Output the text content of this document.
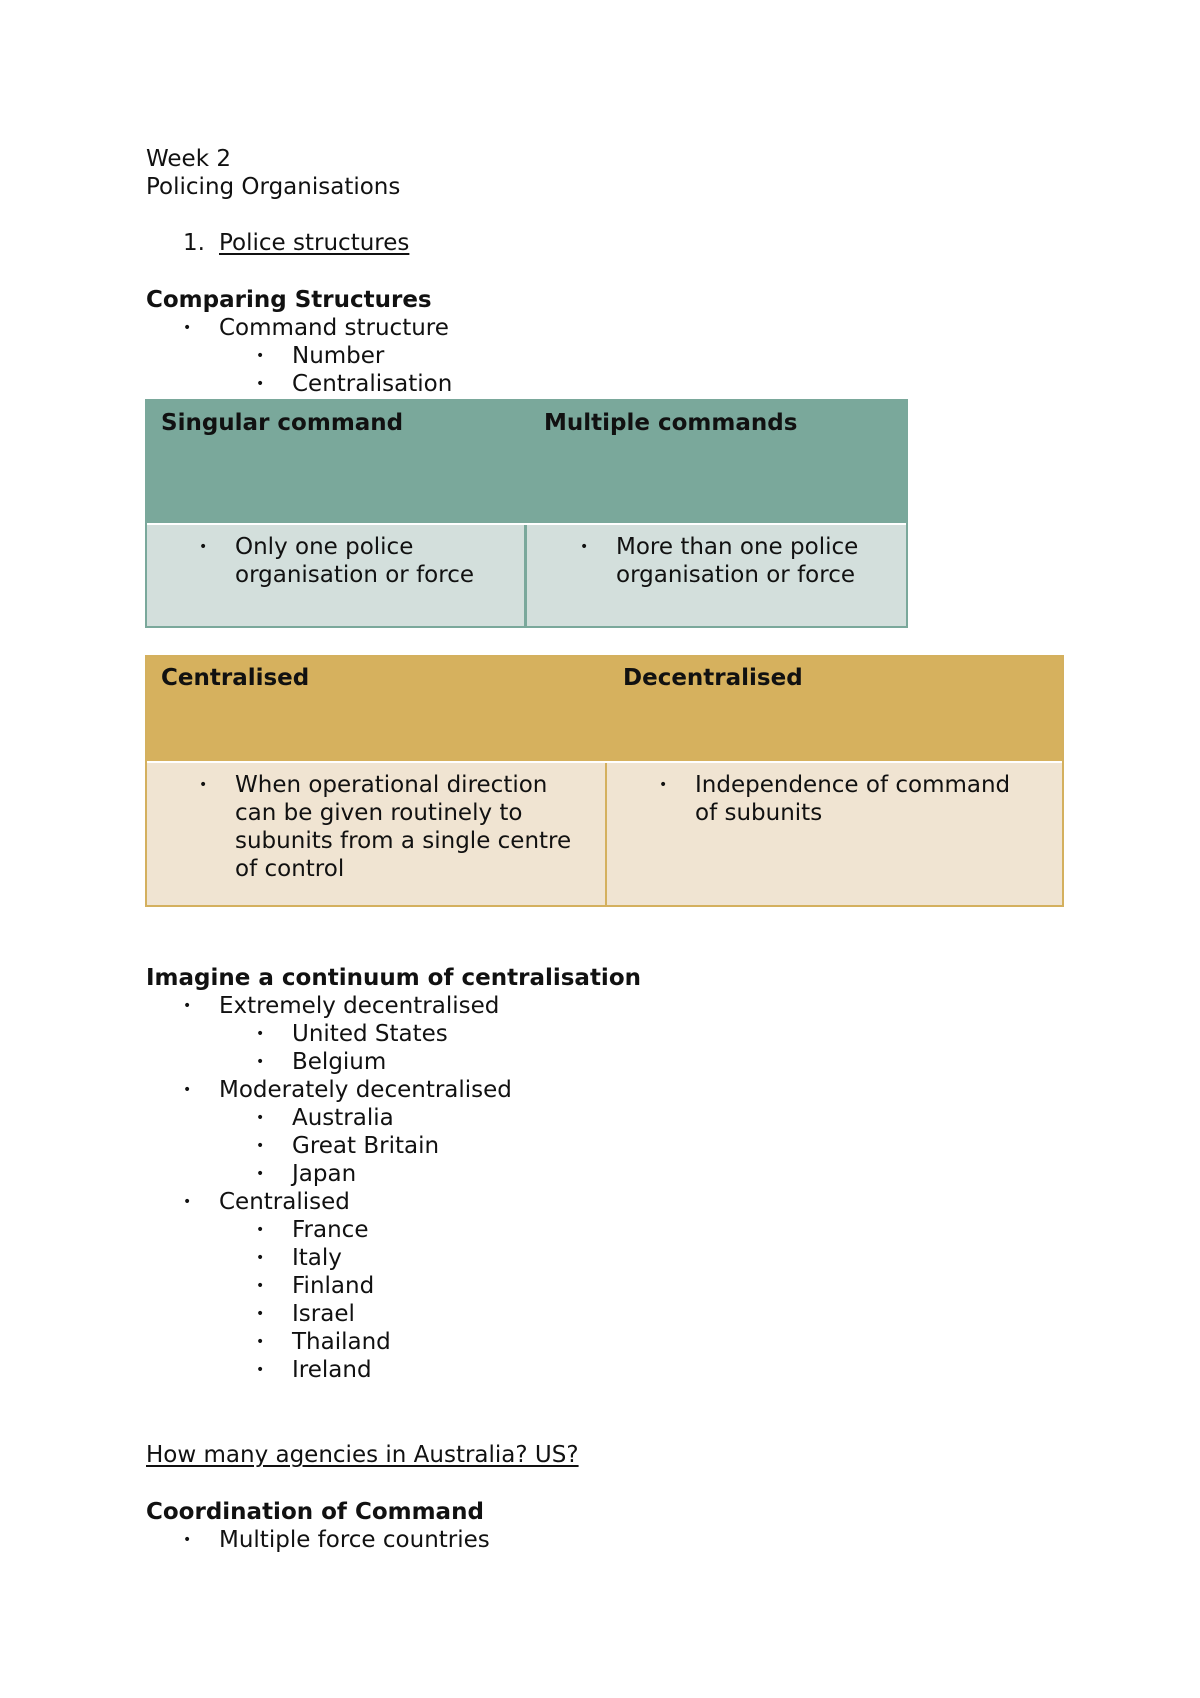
Week 2
Policing Organisations
1. Police structures
Comparing Structures
• Command structure
• Number
• Centralisation
Singular command	Multiple commands
• Only one police
organisation or force
• More than one police
organisation or force
Centralised	Decentralised
• When operational direction
can be given routinely to
subunits from a single centre
of control
• Independence of command
of subunits
Imagine a continuum of centralisation
• Extremely decentralised
• United States
• Belgium
• Moderately decentralised
• Australia
• Great Britain
• Japan
• Centralised
• France
• Italy
• Finland
• Israel
• Thailand
• Ireland
How many agencies in Australia? US?
Coordination of Command
• Multiple force countries
